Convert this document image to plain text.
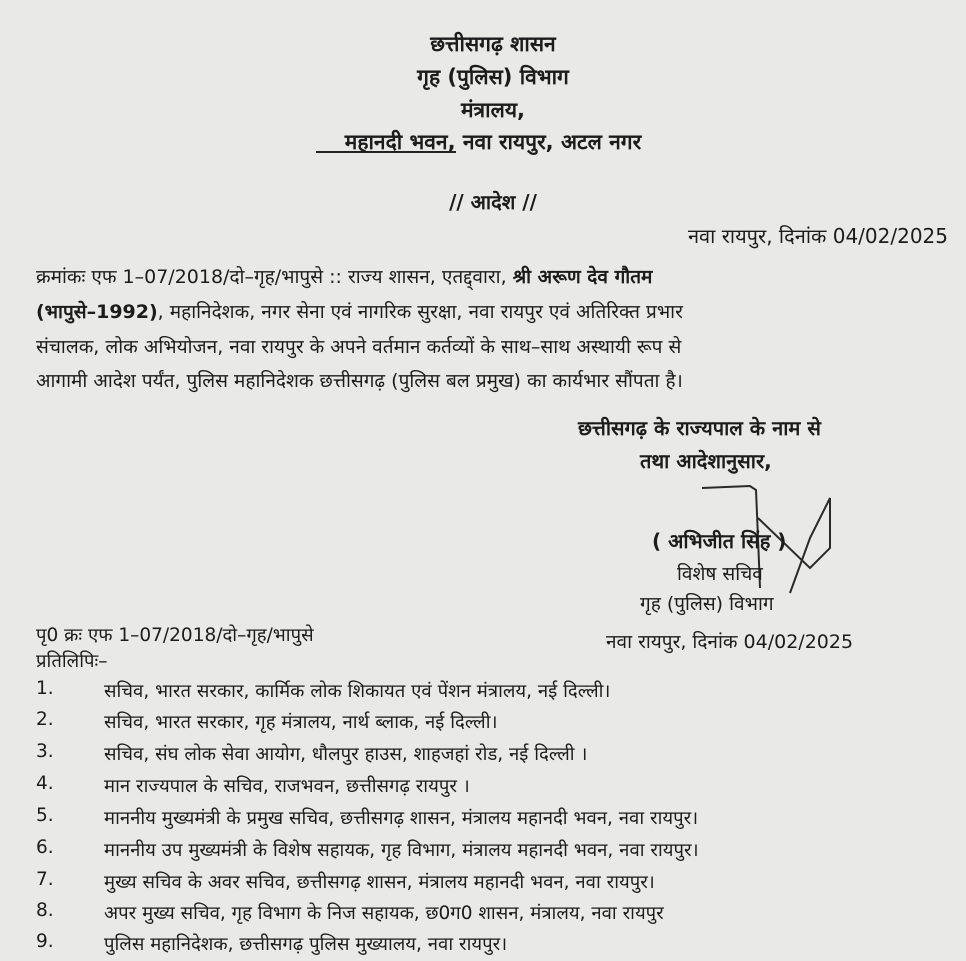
छत्तीसगढ़ शासन
गृह (पुलिस) विभाग
मंत्रालय,
महानदी भवन, नवा रायपुर, अटल नगर
// आदेश //
नवा रायपुर, दिनांक 04/02/2025
क्रमांकः एफ 1–07/2018/दो–गृह/भापुसे :: राज्य शासन, एतद्द्वारा, श्री अरूण देव गौतम
(भापुसे–1992), महानिदेशक, नगर सेना एवं नागरिक सुरक्षा, नवा रायपुर एवं अतिरिक्त प्रभार
संचालक, लोक अभियोजन, नवा रायपुर के अपने वर्तमान कर्तव्यों के साथ–साथ अस्थायी रूप से
आगामी आदेश पर्यंत, पुलिस महानिदेशक छत्तीसगढ़ (पुलिस बल प्रमुख) का कार्यभार सौंपता है।
छत्तीसगढ़ के राज्यपाल के नाम से
तथा आदेशानुसार,
( अभिजीत सिंह )
विशेष सचिव
गृह (पुलिस) विभाग
पृ0 क्रः एफ 1–07/2018/दो–गृह/भापुसे	नवा रायपुर, दिनांक 04/02/2025
प्रतिलिपिः–
1.	सचिव, भारत सरकार, कार्मिक लोक शिकायत एवं पेंशन मंत्रालय, नई दिल्ली।
2.	सचिव, भारत सरकार, गृह मंत्रालय, नार्थ ब्लाक, नई दिल्ली।
3.	सचिव, संघ लोक सेवा आयोग, धौलपुर हाउस, शाहजहां रोड, नई दिल्ली ।
4.	मान राज्यपाल के सचिव, राजभवन, छत्तीसगढ़ रायपुर ।
5.	माननीय मुख्यमंत्री के प्रमुख सचिव, छत्तीसगढ़ शासन, मंत्रालय महानदी भवन, नवा रायपुर।
6.	माननीय उप मुख्यमंत्री के विशेष सहायक, गृह विभाग, मंत्रालय महानदी भवन, नवा रायपुर।
7.	मुख्य सचिव के अवर सचिव, छत्तीसगढ़ शासन, मंत्रालय महानदी भवन, नवा रायपुर।
8.	अपर मुख्य सचिव, गृह विभाग के निज सहायक, छ0ग0 शासन, मंत्रालय, नवा रायपुर
9.	पुलिस महानिदेशक, छत्तीसगढ़ पुलिस मुख्यालय, नवा रायपुर।
